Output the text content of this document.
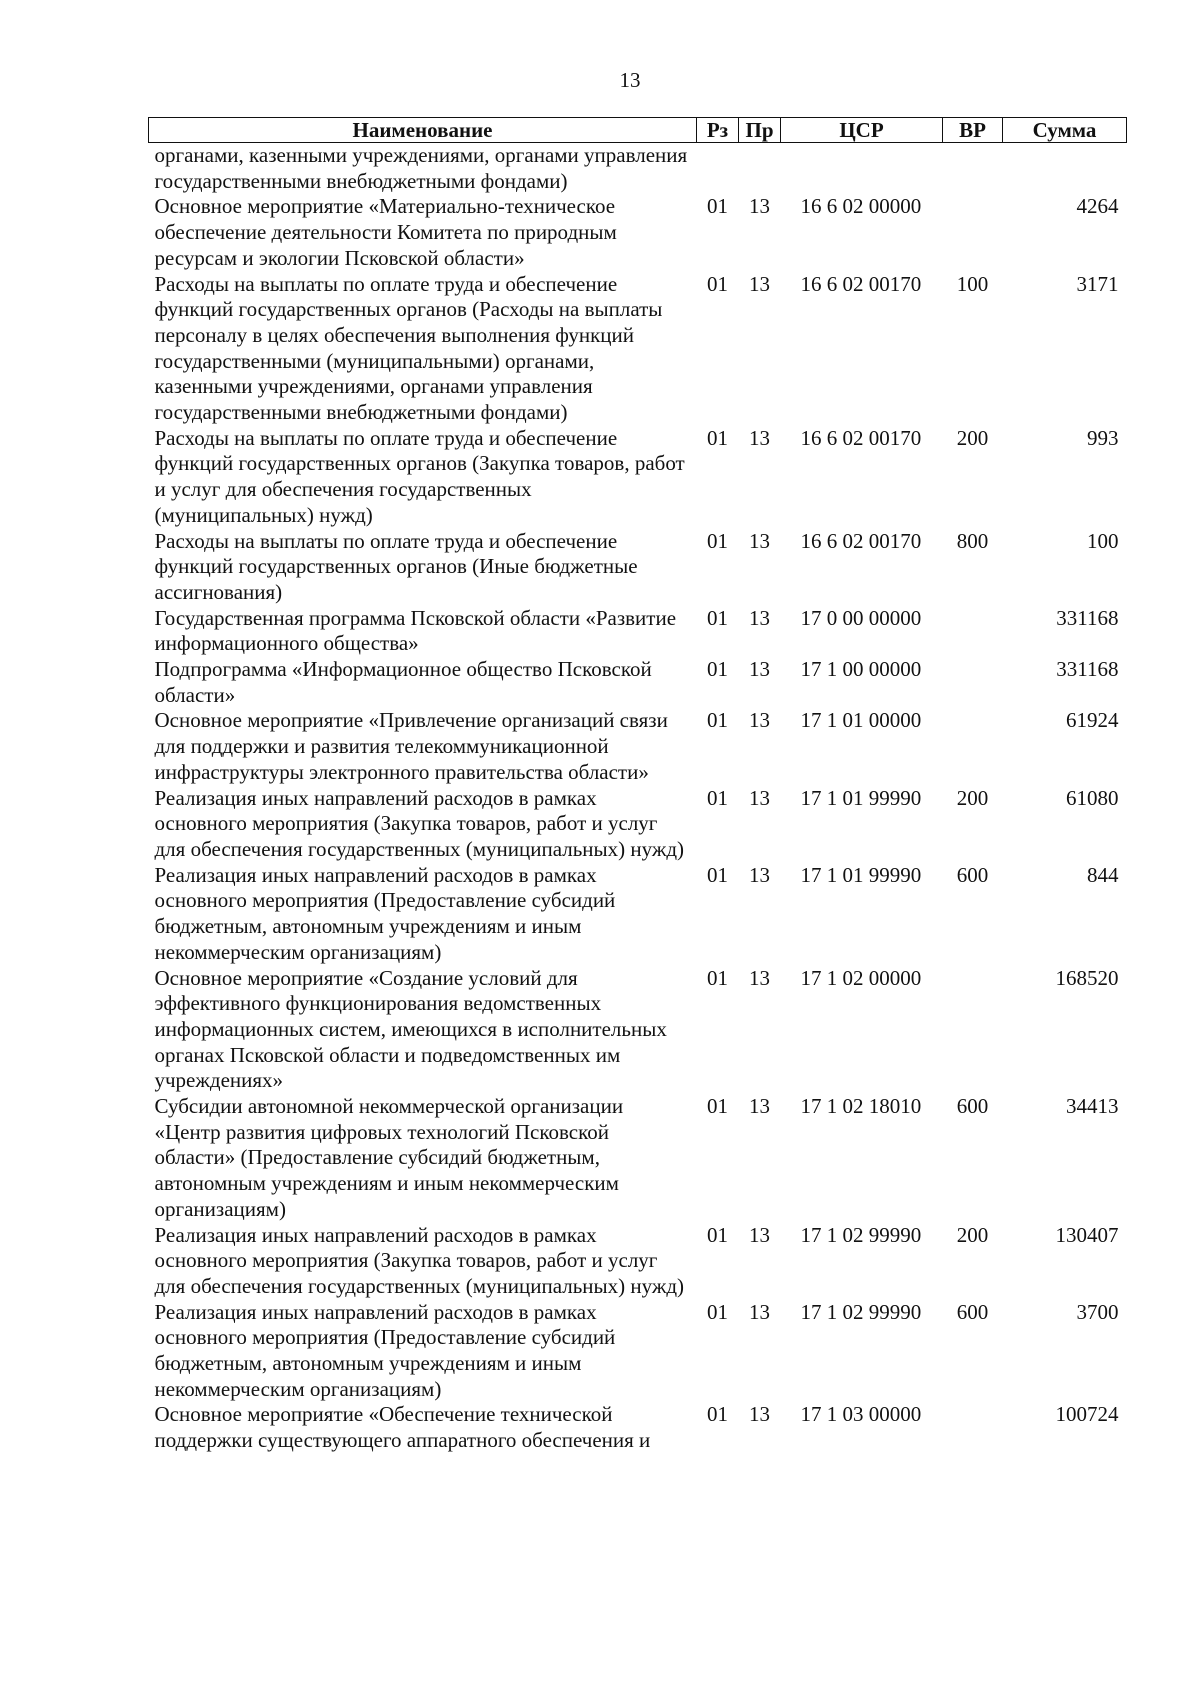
13
Наименование	Рз	Пр	ЦСР	ВР	Сумма
органами, казенными учреждениями, органами управления государственными внебюджетными фондами)					
Основное мероприятие «Материально-техническое обеспечение деятельности Комитета по природным ресурсам и экологии Псковской области»	01	13	16 6 02 00000		4264
Расходы на выплаты по оплате труда и обеспечение функций государственных органов (Расходы на выплаты персоналу в целях обеспечения выполнения функций государственными (муниципальными) органами, казенными учреждениями, органами управления государственными внебюджетными фондами)	01	13	16 6 02 00170	100	3171
Расходы на выплаты по оплате труда и обеспечение функций государственных органов (Закупка товаров, работ и услуг для обеспечения государственных (муниципальных) нужд)	01	13	16 6 02 00170	200	993
Расходы на выплаты по оплате труда и обеспечение функций государственных органов (Иные бюджетные ассигнования)	01	13	16 6 02 00170	800	100
Государственная программа Псковской области «Развитие информационного общества»	01	13	17 0 00 00000		331168
Подпрограмма «Информационное общество Псковской области»	01	13	17 1 00 00000		331168
Основное мероприятие «Привлечение организаций связи для поддержки и развития телекоммуникационной инфраструктуры электронного правительства области»	01	13	17 1 01 00000		61924
Реализация иных направлений расходов в рамках основного мероприятия (Закупка товаров, работ и услуг для обеспечения государственных (муниципальных) нужд)	01	13	17 1 01 99990	200	61080
Реализация иных направлений расходов в рамках основного мероприятия (Предоставление субсидий бюджетным, автономным учреждениям и иным некоммерческим организациям)	01	13	17 1 01 99990	600	844
Основное мероприятие «Создание условий для эффективного функционирования ведомственных информационных систем, имеющихся в исполнительных органах Псковской области и подведомственных им учреждениях»	01	13	17 1 02 00000		168520
Субсидии автономной некоммерческой организации «Центр развития цифровых технологий Псковской области» (Предоставление субсидий бюджетным, автономным учреждениям и иным некоммерческим организациям)	01	13	17 1 02 18010	600	34413
Реализация иных направлений расходов в рамках основного мероприятия (Закупка товаров, работ и услуг для обеспечения государственных (муниципальных) нужд)	01	13	17 1 02 99990	200	130407
Реализация иных направлений расходов в рамках основного мероприятия (Предоставление субсидий бюджетным, автономным учреждениям и иным некоммерческим организациям)	01	13	17 1 02 99990	600	3700
Основное мероприятие «Обеспечение технической поддержки существующего аппаратного обеспечения и	01	13	17 1 03 00000		100724
